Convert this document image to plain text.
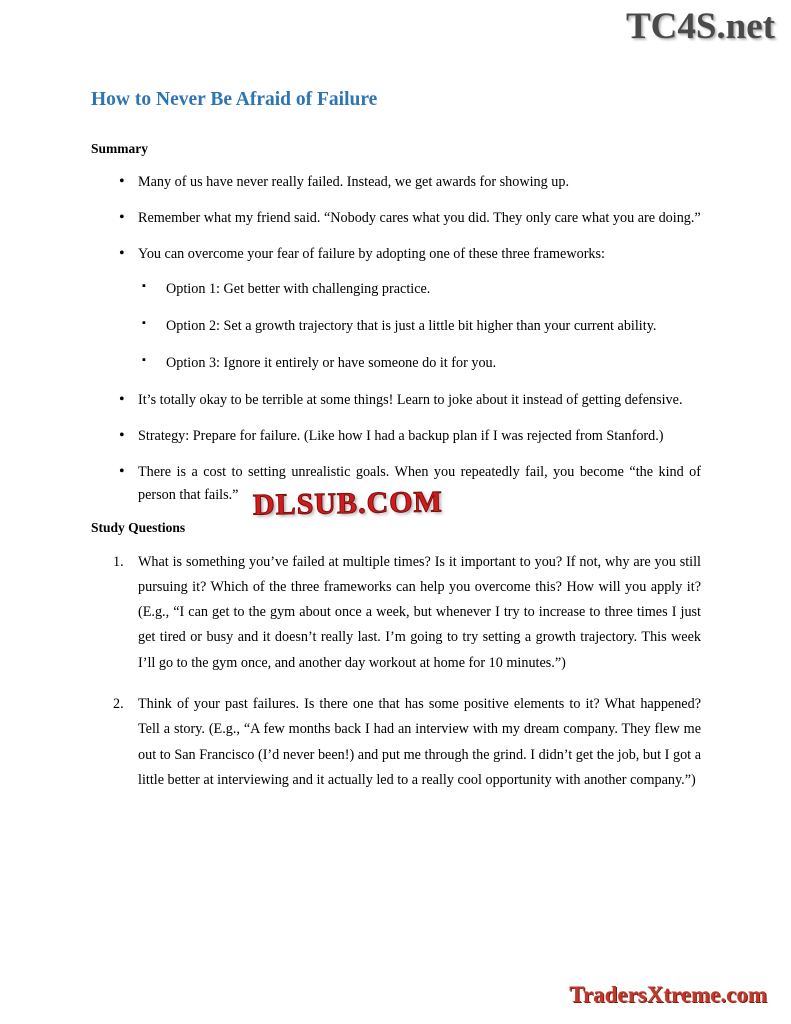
TC4S.net
How to Never Be Afraid of Failure
Summary
• Many of us have never really failed. Instead, we get awards for showing up.
• Remember what my friend said. “Nobody cares what you did. They only care what you are doing.”
• You can overcome your fear of failure by adopting one of these three frameworks:
▪ Option 1: Get better with challenging practice.
▪ Option 2: Set a growth trajectory that is just a little bit higher than your current ability.
▪ Option 3: Ignore it entirely or have someone do it for you.
• It’s totally okay to be terrible at some things! Learn to joke about it instead of getting defensive.
• Strategy: Prepare for failure. (Like how I had a backup plan if I was rejected from Stanford.)
• There is a cost to setting unrealistic goals. When you repeatedly fail, you become “the kind of person that fails.”
Study Questions
1.	What is something you’ve failed at multiple times? Is it important to you? If not, why are you still pursuing it? Which of the three frameworks can help you overcome this? How will you apply it? (E.g., “I can get to the gym about once a week, but whenever I try to increase to three times I just get tired or busy and it doesn’t really last. I’m going to try setting a growth trajectory. This week I’ll go to the gym once, and another day workout at home for 10 minutes.”)
2.	Think of your past failures. Is there one that has some positive elements to it? What happened? Tell a story. (E.g., “A few months back I had an interview with my dream company. They flew me out to San Francisco (I’d never been!) and put me through the grind. I didn’t get the job, but I got a little better at interviewing and it actually led to a really cool opportunity with another company.”)
DLSUB.COM
TradersXtreme.com
